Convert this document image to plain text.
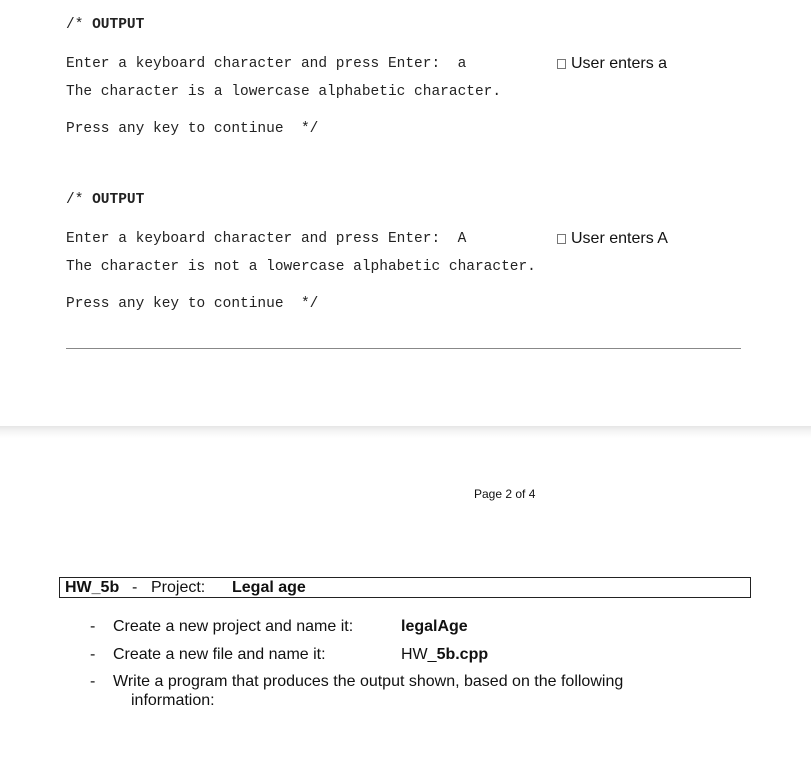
/* OUTPUT
Enter a keyboard character and press Enter:  a	User enters a
The character is a lowercase alphabetic character.
Press any key to continue  */
/* OUTPUT
Enter a keyboard character and press Enter:  A	User enters A
The character is not a lowercase alphabetic character.
Press any key to continue  */
Page 2 of 4
HW_5b - Project: Legal age
- Create a new project and name it:	legalAge
- Create a new file and name it:	HW_5b.cpp
- Write a program that produces the output shown, based on the following
information:
